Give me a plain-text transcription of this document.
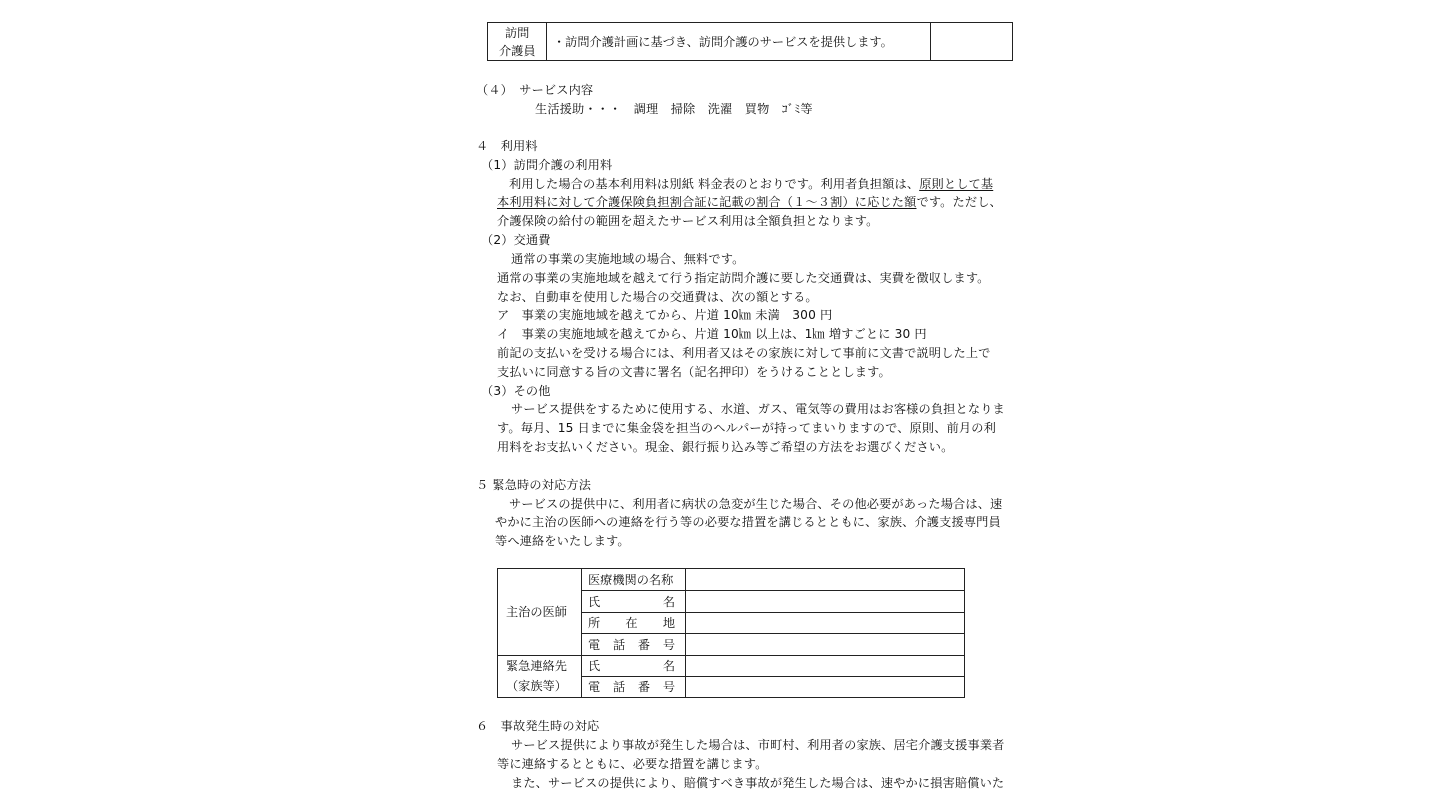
訪問
介護員
・訪問介護計画に基づき、訪問介護のサービスを提供します。
（４）　サービス内容
生活援助・・・　調理　掃除　洗濯　買物　ｺﾞﾐ等
４　利用料
（1）訪問介護の利用料
利用した場合の基本利用料は別紙 料金表のとおりです。利用者負担額は、原則として基
本利用料に対して介護保険負担割合証に記載の割合（１～３割）に応じた額です。ただし、
介護保険の給付の範囲を超えたサービス利用は全額負担となります。
（2）交通費
通常の事業の実施地域の場合、無料です。
通常の事業の実施地域を越えて行う指定訪問介護に要した交通費は、実費を徴収します。
なお、自動車を使用した場合の交通費は、次の額とする。
ア　事業の実施地域を越えてから、片道 10㎞ 未満　300 円
イ　事業の実施地域を越えてから、片道 10㎞ 以上は、1㎞ 増すごとに 30 円
前記の支払いを受ける場合には、利用者又はその家族に対して事前に文書で説明した上で
支払いに同意する旨の文書に署名（記名押印）をうけることとします。
（3）その他
サービス提供をするために使用する、水道、ガス、電気等の費用はお客様の負担となりま
す。毎月、15 日までに集金袋を担当のヘルパーが持ってまいりますので、原則、前月の利
用料をお支払いください。現金、銀行振り込み等ご希望の方法をお選びください。
５ 緊急時の対応方法
サービスの提供中に、利用者に病状の急変が生じた場合、その他必要があった場合は、速
やかに主治の医師への連絡を行う等の必要な措置を講じるとともに、家族、介護支援専門員
等へ連絡をいたします。
主治の医師
緊急連絡先
（家族等）
医療機関の名称
氏	名
所 在 地
電 話 番 号
氏	名
電 話 番 号
６　事故発生時の対応
サービス提供により事故が発生した場合は、市町村、利用者の家族、居宅介護支援事業者
等に連絡するとともに、必要な措置を講じます。
また、サービスの提供により、賠償すべき事故が発生した場合は、速やかに損害賠償いた
